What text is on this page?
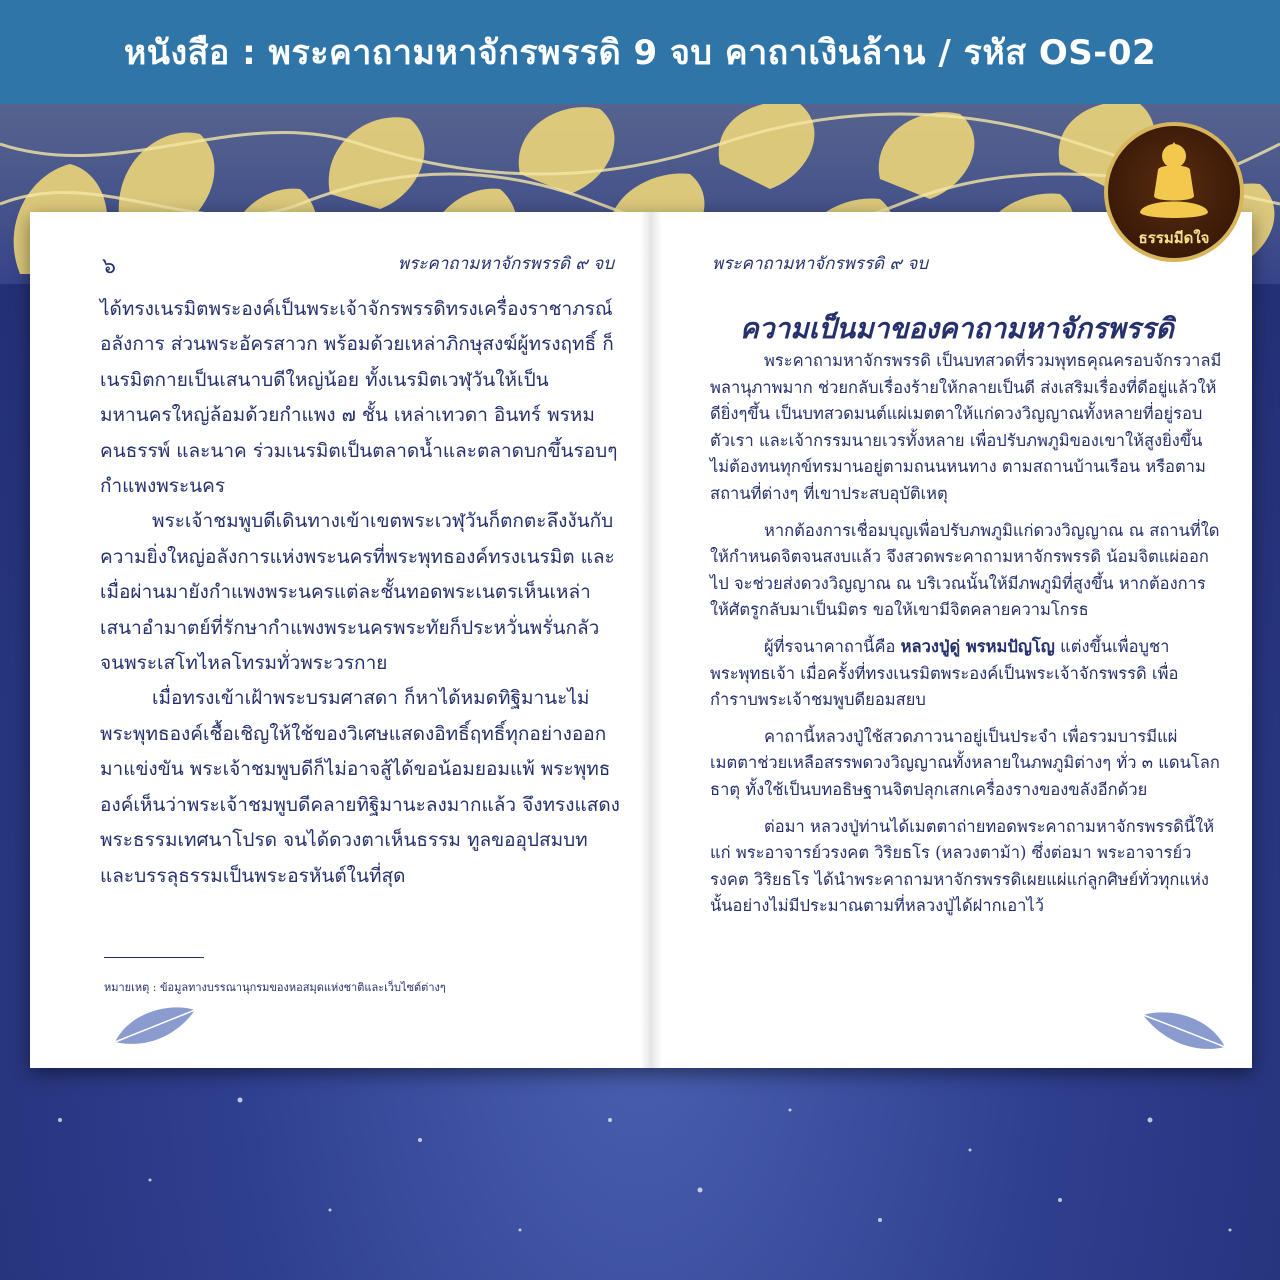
หนังสือ : พระคาถามหาจักรพรรดิ 9 จบ คาถาเงินล้าน / รหัส OS-02
๖	พระคาถามหาจักรพรรดิ ๙ จบ

ได้ทรงเนรมิตพระองค์เป็นพระเจ้าจักรพรรดิทรงเครื่องราชาภรณ์อลังการ ส่วนพระอัครสาวก พร้อมด้วยเหล่าภิกษุสงฆ์ผู้ทรงฤทธิ์ ก็เนรมิตกายเป็นเสนาบดีใหญ่น้อย ทั้งเนรมิตเวฬุวันให้เป็นมหานครใหญ่ล้อมด้วยกำแพง ๗ ชั้น เหล่าเทวดา อินทร์ พรหม คนธรรพ์ และนาค ร่วมเนรมิตเป็นตลาดน้ำและตลาดบกขึ้นรอบๆ กำแพงพระนคร

พระเจ้าชมพูบดีเดินทางเข้าเขตพระเวฬุวันก็ตกตะลึงงันกับความยิ่งใหญ่อลังการแห่งพระนครที่พระพุทธองค์ทรงเนรมิต และเมื่อผ่านมายังกำแพงพระนครแต่ละชั้นทอดพระเนตรเห็นเหล่าเสนาอำมาตย์ที่รักษากำแพงพระนครพระทัยก็ประหวั่นพรั่นกลัว จนพระเสโทไหลโทรมทั่วพระวรกาย

เมื่อทรงเข้าเฝ้าพระบรมศาสดา ก็หาได้หมดทิฐิมานะไม่ พระพุทธองค์เชื้อเชิญให้ใช้ของวิเศษแสดงอิทธิ์ฤทธิ์ทุกอย่างออกมาแข่งขัน พระเจ้าชมพูบดีก็ไม่อาจสู้ได้ขอน้อมยอมแพ้ พระพุทธองค์เห็นว่าพระเจ้าชมพูบดีคลายทิฐิมานะลงมากแล้ว จึงทรงแสดงพระธรรมเทศนาโปรด จนได้ดวงตาเห็นธรรม ทูลขออุปสมบท และบรรลุธรรมเป็นพระอรหันต์ในที่สุด

หมายเหตุ : ข้อมูลทางบรรณานุกรมของหอสมุดแห่งชาติและเว็บไซต์ต่างๆ
พระคาถามหาจักรพรรดิ ๙ จบ
ความเป็นมาของคาถามหาจักรพรรดิ

พระคาถามหาจักรพรรดิ เป็นบทสวดที่รวมพุทธคุณครอบจักรวาลมีพลานุภาพมาก ช่วยกลับเรื่องร้ายให้กลายเป็นดี ส่งเสริมเรื่องที่ดีอยู่แล้วให้ดียิ่งๆขึ้น เป็นบทสวดมนต์แผ่เมตตาให้แก่ดวงวิญญาณทั้งหลายที่อยู่รอบตัวเรา และเจ้ากรรมนายเวรทั้งหลาย เพื่อปรับภพภูมิของเขาให้สูงยิ่งขึ้น ไม่ต้องทนทุกข์ทรมานอยู่ตามถนนหนทาง ตามสถานบ้านเรือน หรือตามสถานที่ต่างๆ ที่เขาประสบอุบัติเหตุ

หากต้องการเชื่อมบุญเพื่อปรับภพภูมิแก่ดวงวิญญาณ ณ สถานที่ใด ให้กำหนดจิตจนสงบแล้ว จึงสวดพระคาถามหาจักรพรรดิ น้อมจิตแผ่ออกไป จะช่วยส่งดวงวิญญาณ ณ บริเวณนั้นให้มีภพภูมิที่สูงขึ้น หากต้องการให้ศัตรูกลับมาเป็นมิตร ขอให้เขามีจิตคลายความโกรธ

ผู้ที่รจนาคาถานี้คือ หลวงปู่ดู่ พรหมปัญโญ แต่งขึ้นเพื่อบูชาพระพุทธเจ้า เมื่อครั้งที่ทรงเนรมิตพระองค์เป็นพระเจ้าจักรพรรดิ เพื่อกำราบพระเจ้าชมพูบดียอมสยบ

คาถานี้หลวงปู่ใช้สวดภาวนาอยู่เป็นประจำ เพื่อรวมบารมีแผ่เมตตาช่วยเหลือสรรพดวงวิญญาณทั้งหลายในภพภูมิต่างๆ ทั่ว ๓ แดนโลกธาตุ ทั้งใช้เป็นบทอธิษฐานจิตปลุกเสกเครื่องรางของขลังอีกด้วย

ต่อมา หลวงปู่ท่านได้เมตตาถ่ายทอดพระคาถามหาจักรพรรดินี้ให้แก่ พระอาจารย์วรงคต วิริยธโร (หลวงตาม้า) ซึ่งต่อมา พระอาจารย์วรงคต วิริยธโร ได้นำพระคาถามหาจักรพรรดิเผยแผ่แก่ลูกศิษย์ทั่วทุกแห่งนั้นอย่างไม่มีประมาณตามที่หลวงปู่ได้ฝากเอาไว้

ธรรมมีดใจ
